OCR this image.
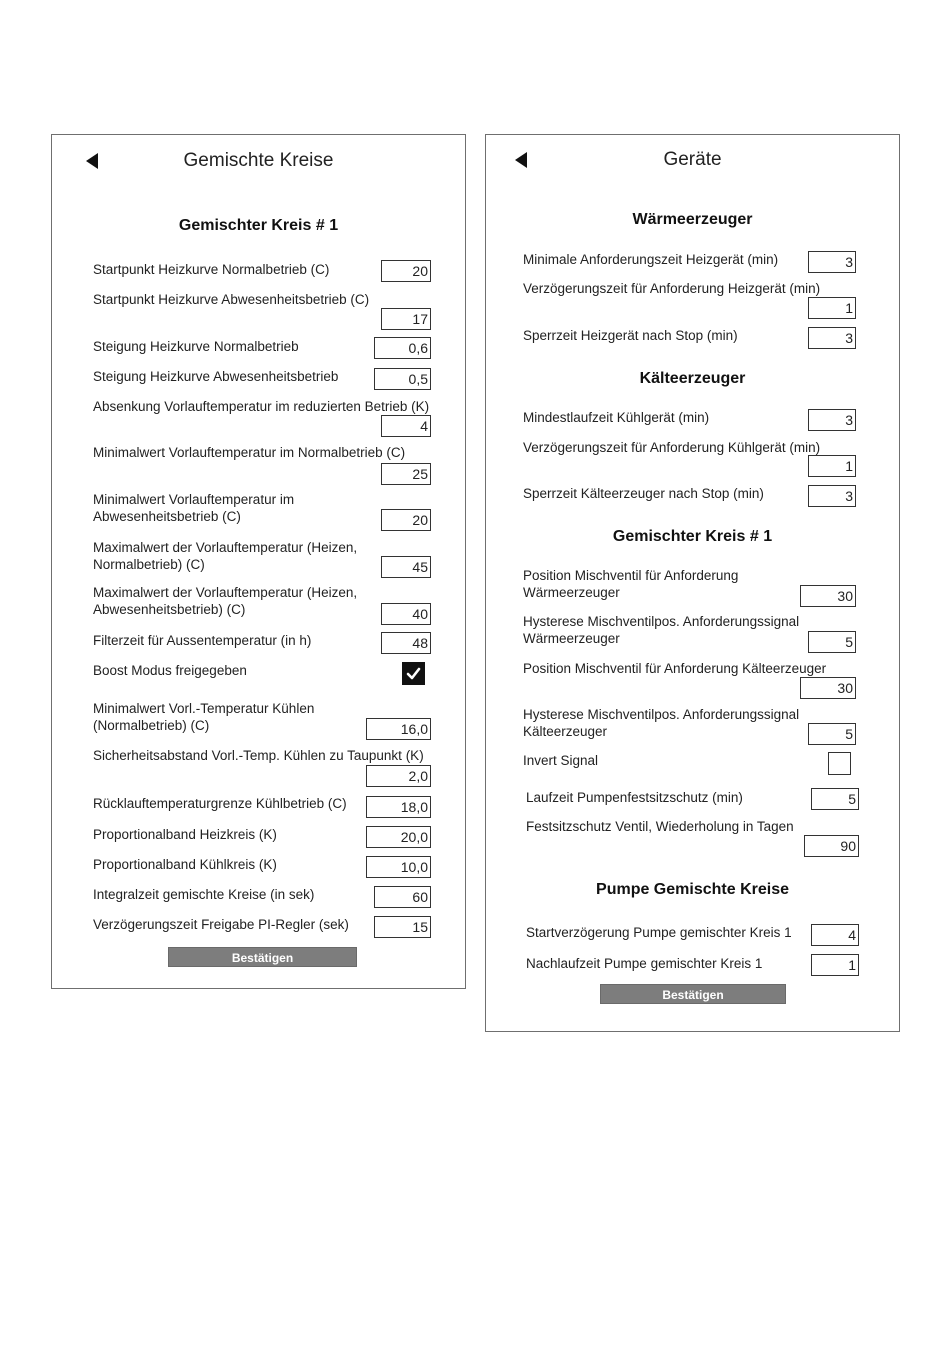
Gemischte Kreise
Gemischter Kreis # 1
Startpunkt Heizkurve Normalbetrieb (C)	20
Startpunkt Heizkurve Abwesenheitsbetrieb (C)
17
Steigung Heizkurve Normalbetrieb	0,6
Steigung Heizkurve Abwesenheitsbetrieb	0,5
Absenkung Vorlauftemperatur im reduzierten Betrieb (K)
4
Minimalwert Vorlauftemperatur im Normalbetrieb (C)
25
Minimalwert Vorlauftemperatur im Abwesenheitsbetrieb (C)	20
Maximalwert der Vorlauftemperatur (Heizen, Normalbetrieb) (C)	45
Maximalwert der Vorlauftemperatur (Heizen, Abwesenheitsbetrieb) (C)	40
Filterzeit für Aussentemperatur (in h)	48
Boost Modus freigegeben
Minimalwert Vorl.-Temperatur Kühlen (Normalbetrieb) (C)	16,0
Sicherheitsabstand Vorl.-Temp. Kühlen zu Taupunkt (K)
2,0
Rücklauftemperaturgrenze Kühlbetrieb (C)	18,0
Proportionalband Heizkreis (K)	20,0
Proportionalband Kühlkreis (K)	10,0
Integralzeit gemischte Kreise (in sek)	60
Verzögerungszeit Freigabe PI-Regler (sek)	15
Bestätigen
Geräte
Wärmeerzeuger
Minimale Anforderungszeit Heizgerät (min)	3
Verzögerungszeit für Anforderung Heizgerät (min)
1
Sperrzeit Heizgerät nach Stop (min)	3
Kälteerzeuger
Mindestlaufzeit Kühlgerät (min)	3
Verzögerungszeit für Anforderung Kühlgerät (min)
1
Sperrzeit Kälteerzeuger nach Stop (min)	3
Gemischter Kreis # 1
Position Mischventil für Anforderung Wärmeerzeuger	30
Hysterese Mischventilpos. Anforderungssignal Wärmeerzeuger	5
Position Mischventil für Anforderung Kälteerzeuger
30
Hysterese Mischventilpos. Anforderungssignal Kälteerzeuger	5
Invert Signal
Laufzeit Pumpenfestsitzschutz (min)	5
Festsitzschutz Ventil, Wiederholung in Tagen
90
Pumpe Gemischte Kreise
Startverzögerung Pumpe gemischter Kreis 1	4
Nachlaufzeit Pumpe gemischter Kreis 1	1
Bestätigen
